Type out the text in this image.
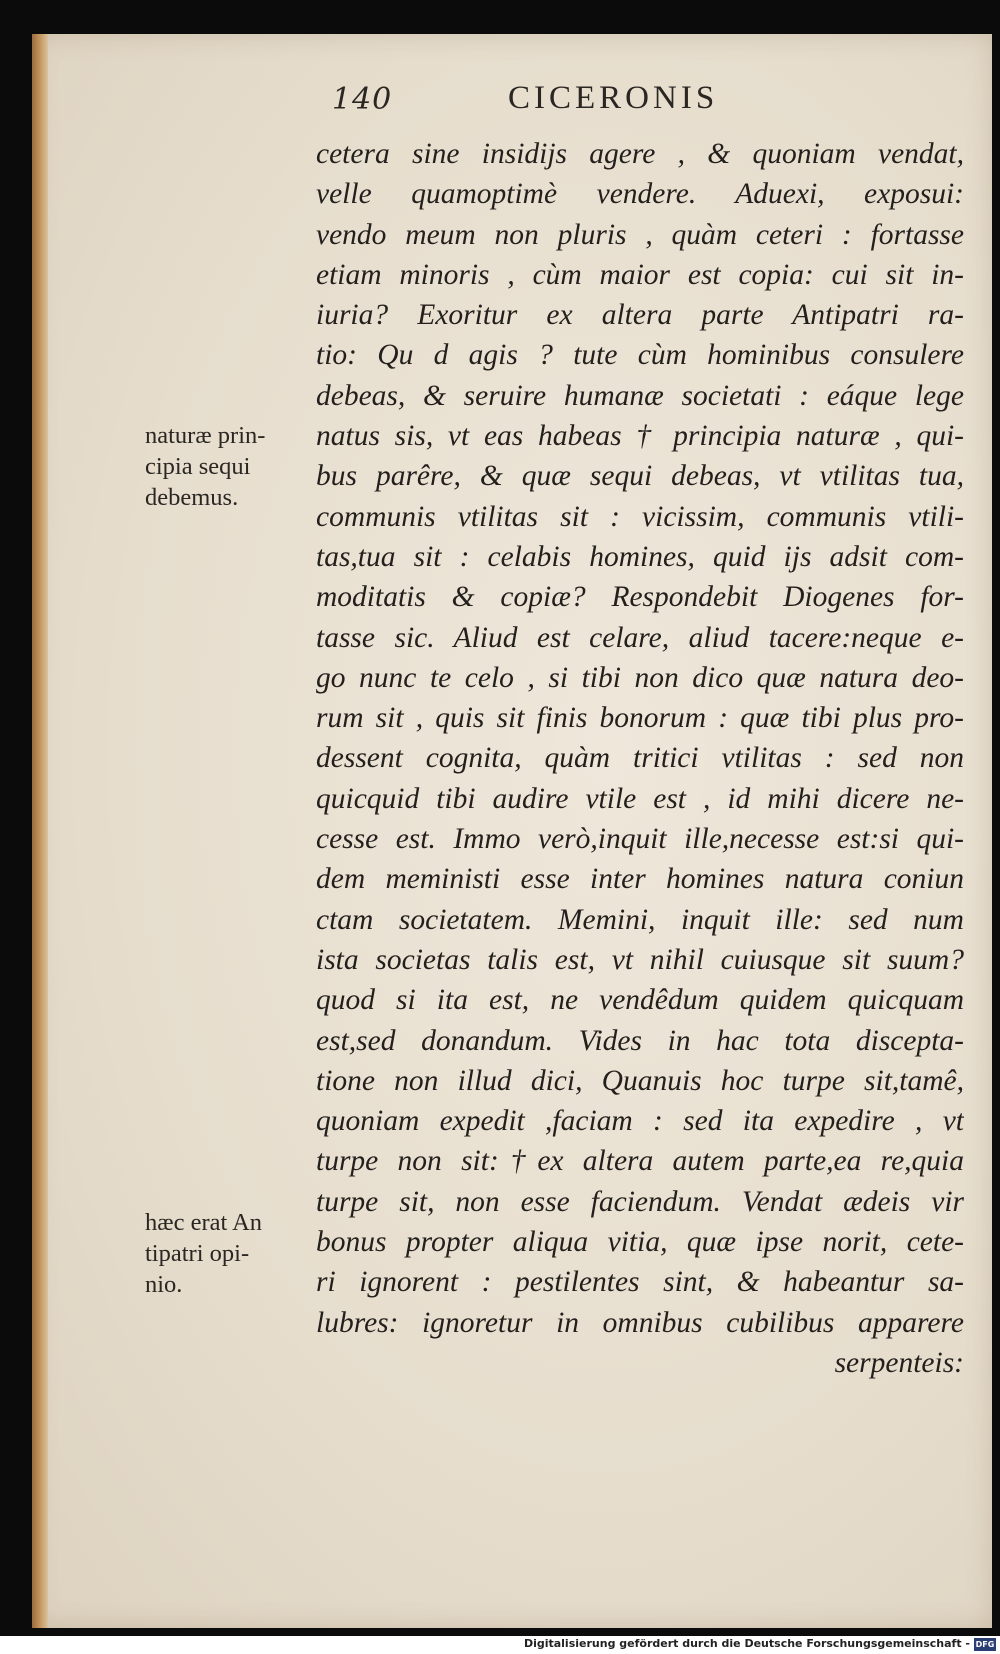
140	CICERONIS
cetera sine insidijs agere , & quoniam vendat,
velle quamoptimè vendere. Aduexi, exposui:
vendo meum non pluris , quàm ceteri : fortasse
etiam minoris , cùm maior est copia: cui sit in-
iuria? Exoritur ex altera parte Antipatri ra-
tio: Qu d agis ? tute cùm hominibus consulere
debeas, & seruire humanæ societati : eáque lege
natus sis, vt eas habeas † principia naturæ , qui-
bus parêre, & quæ sequi debeas, vt vtilitas tua,
communis vtilitas sit : vicissim, communis vtili-
tas,tua sit : celabis homines, quid ijs adsit com-
moditatis & copiæ? Respondebit Diogenes for-
tasse sic. Aliud est celare, aliud tacere:neque e-
go nunc te celo , si tibi non dico quæ natura deo-
rum sit , quis sit finis bonorum : quæ tibi plus pro-
dessent cognita, quàm tritici vtilitas : sed non
quicquid tibi audire vtile est , id mihi dicere ne-
cesse est. Immo verò,inquit ille,necesse est:si qui-
dem meministi esse inter homines natura coniun
ctam societatem. Memini, inquit ille: sed num
ista societas talis est, vt nihil cuiusque sit suum?
quod si ita est, ne vendêdum quidem quicquam
est,sed donandum. Vides in hac tota disceptа-
tione non illud dici, Quanuis hoc turpe sit,tamê,
quoniam expedit ,faciam : sed ita expedire , vt
turpe non sit:†ex altera autem parte,ea re,quia
turpe sit, non esse faciendum. Vendat ædeis vir
bonus propter aliqua vitia, quæ ipse norit, cete-
ri ignorent : pestilentes sint, & habeantur sa-
lubres: ignoretur in omnibus cubilibus apparere
serpenteis:
naturæ prin-
cipia sequi
debemus.
hæc erat An
tipatri opi-
nio.
Digitalisierung gefördert durch die Deutsche Forschungsgemeinschaft - DFG
